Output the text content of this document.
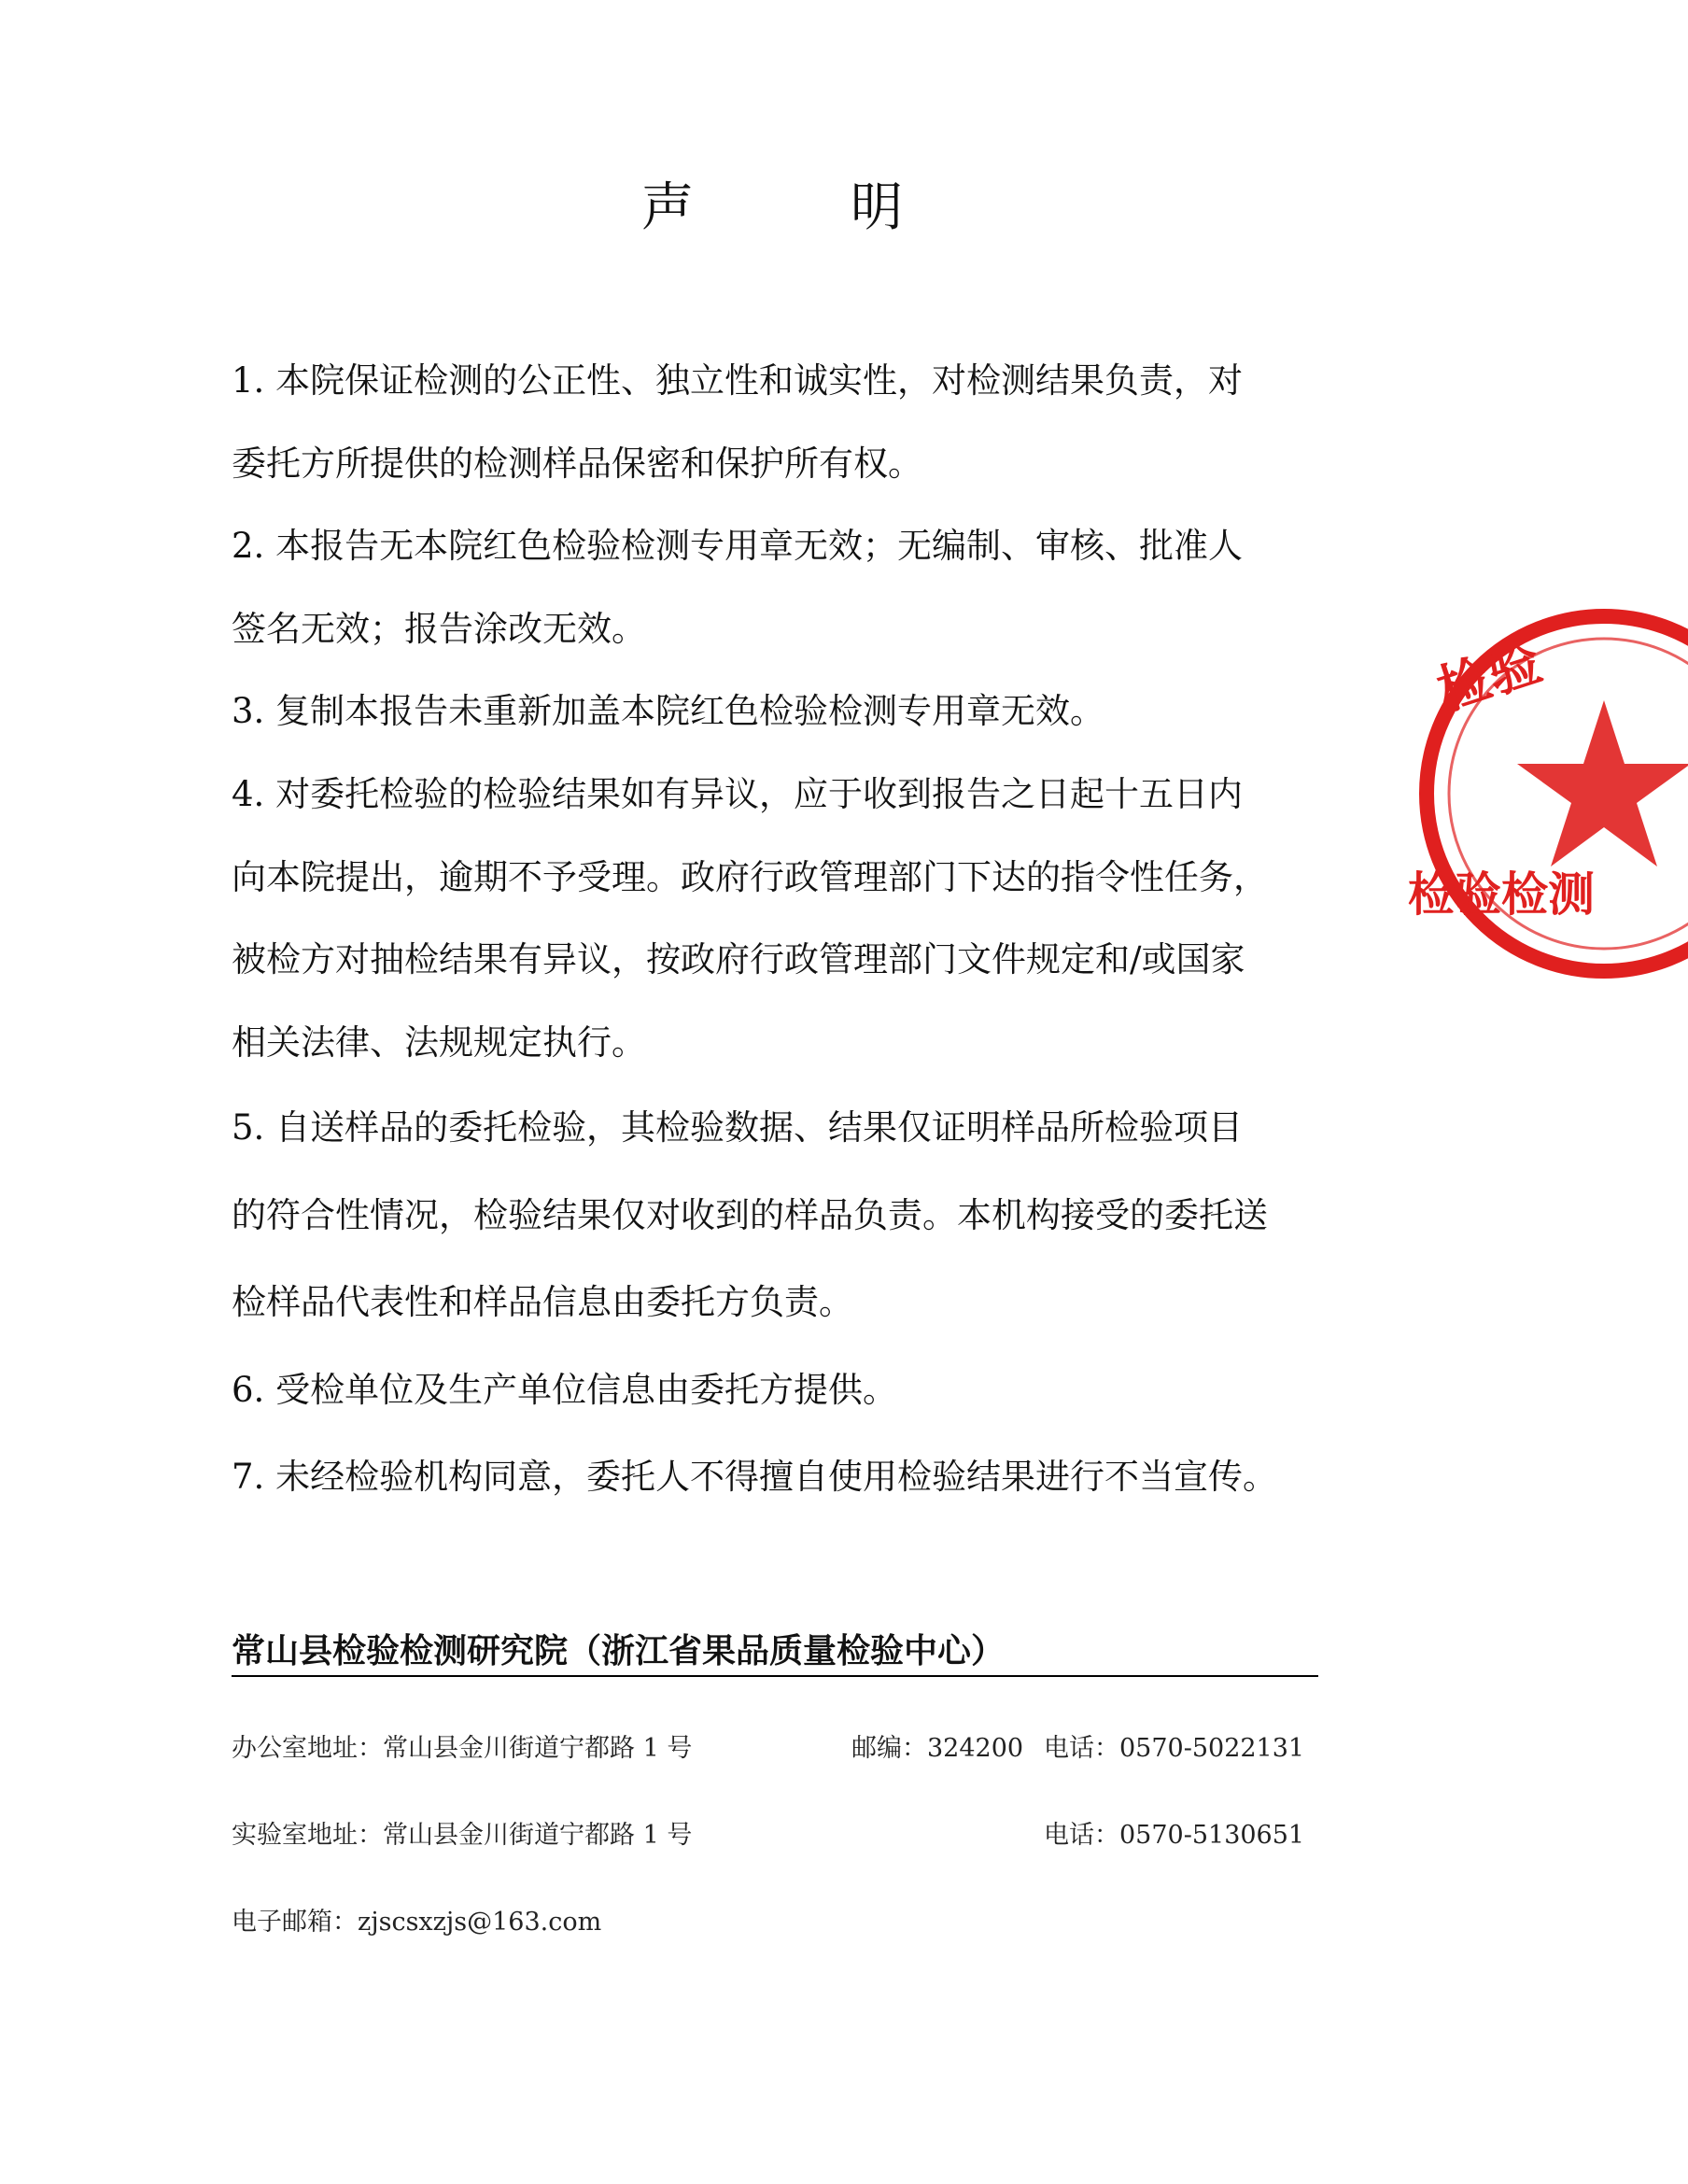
声	明
1. 本院保证检测的公正性、独立性和诚实性，对检测结果负责，对
委托方所提供的检测样品保密和保护所有权。
2. 本报告无本院红色检验检测专用章无效；无编制、审核、批准人
签名无效；报告涂改无效。
3. 复制本报告未重新加盖本院红色检验检测专用章无效。
4. 对委托检验的检验结果如有异议，应于收到报告之日起十五日内
向本院提出，逾期不予受理。政府行政管理部门下达的指令性任务，
被检方对抽检结果有异议，按政府行政管理部门文件规定和/或国家
相关法律、法规规定执行。
5. 自送样品的委托检验，其检验数据、结果仅证明样品所检验项目
的符合性情况，检验结果仅对收到的样品负责。本机构接受的委托送
检样品代表性和样品信息由委托方负责。
6. 受检单位及生产单位信息由委托方提供。
7. 未经检验机构同意，委托人不得擅自使用检验结果进行不当宣传。
常山县检验检测研究院（浙江省果品质量检验中心）
办公室地址：常山县金川街道宁都路 1 号	邮编：324200 电话：0570-5022131
实验室地址：常山县金川街道宁都路 1 号	电话：0570-5130651
电子邮箱：zjscsxzjs@163.com
检验
检验检测
